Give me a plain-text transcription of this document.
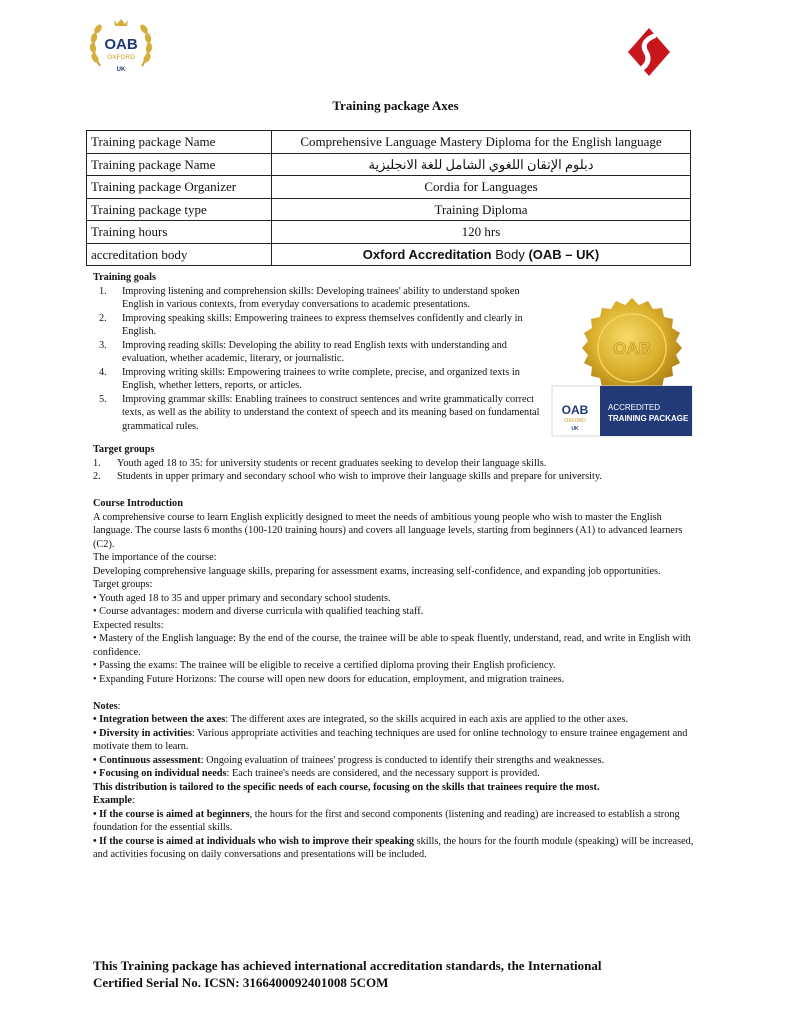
OAB
OXFORD
UK
Training package Axes
Training package Name	Comprehensive Language Mastery Diploma for the English language
Training package Name	دبلوم الإتقان اللغوي الشامل للغة الانجليزية
Training package Organizer	Cordia for Languages
Training package type	Training Diploma
Training hours	120 hrs
accreditation body	Oxford Accreditation Body (OAB – UK)
Training goals
1. Improving listening and comprehension skills: Developing trainees' ability to understand spoken English in various contexts, from everyday conversations to academic presentations.
2. Improving speaking skills: Empowering trainees to express themselves confidently and clearly in English.
3. Improving reading skills: Developing the ability to read English texts with understanding and evaluation, whether academic, literary, or journalistic.
4. Improving writing skills: Empowering trainees to write complete, precise, and organized texts in English, whether letters, reports, or articles.
5. Improving grammar skills: Enabling trainees to construct sentences and write grammatically correct texts, as well as the ability to understand the context of speech and its meaning based on fundamental grammatical rules.
OAB
OAB
OXFORD
UK
ACCREDITED
TRAINING PACKAGE

Target groups

1. Youth aged 18 to 35: for university students or recent graduates seeking to develop their language skills.
2. Students in upper primary and secondary school who wish to improve their language skills and prepare for university.

Course Introduction

A comprehensive course to learn English explicitly designed to meet the needs of ambitious young people who wish to master the English language. The course lasts 6 months (100-120 training hours) and covers all language levels, starting from beginners (A1) to advanced learners (C2).

The importance of the course:

Developing comprehensive language skills, preparing for assessment exams, increasing self-confidence, and expanding job opportunities.

Target groups:

• Youth aged 18 to 35 and upper primary and secondary school students.

• Course advantages: modern and diverse curricula with qualified teaching staff.

Expected results:

• Mastery of the English language: By the end of the course, the trainee will be able to speak fluently, understand, read, and write in English with confidence.

• Passing the exams: The trainee will be eligible to receive a certified diploma proving their English proficiency.

• Expanding Future Horizons: The course will open new doors for education, employment, and migration trainees.

Notes:

• Integration between the axes: The different axes are integrated, so the skills acquired in each axis are applied to the other axes.

• Diversity in activities: Various appropriate activities and teaching techniques are used for online technology to ensure trainee engagement and motivate them to learn.

• Continuous assessment: Ongoing evaluation of trainees' progress is conducted to identify their strengths and weaknesses.

• Focusing on individual needs: Each trainee's needs are considered, and the necessary support is provided.

This distribution is tailored to the specific needs of each course, focusing on the skills that trainees require the most.

Example:

• If the course is aimed at beginners, the hours for the first and second components (listening and reading) are increased to establish a strong foundation for the essential skills.

• If the course is aimed at individuals who wish to improve their speaking skills, the hours for the fourth module (speaking) will be increased, and activities focusing on daily conversations and presentations will be included.

This Training package has achieved international accreditation standards, the International
Certified Serial No. ICSN: 3166400092401008 5COM
